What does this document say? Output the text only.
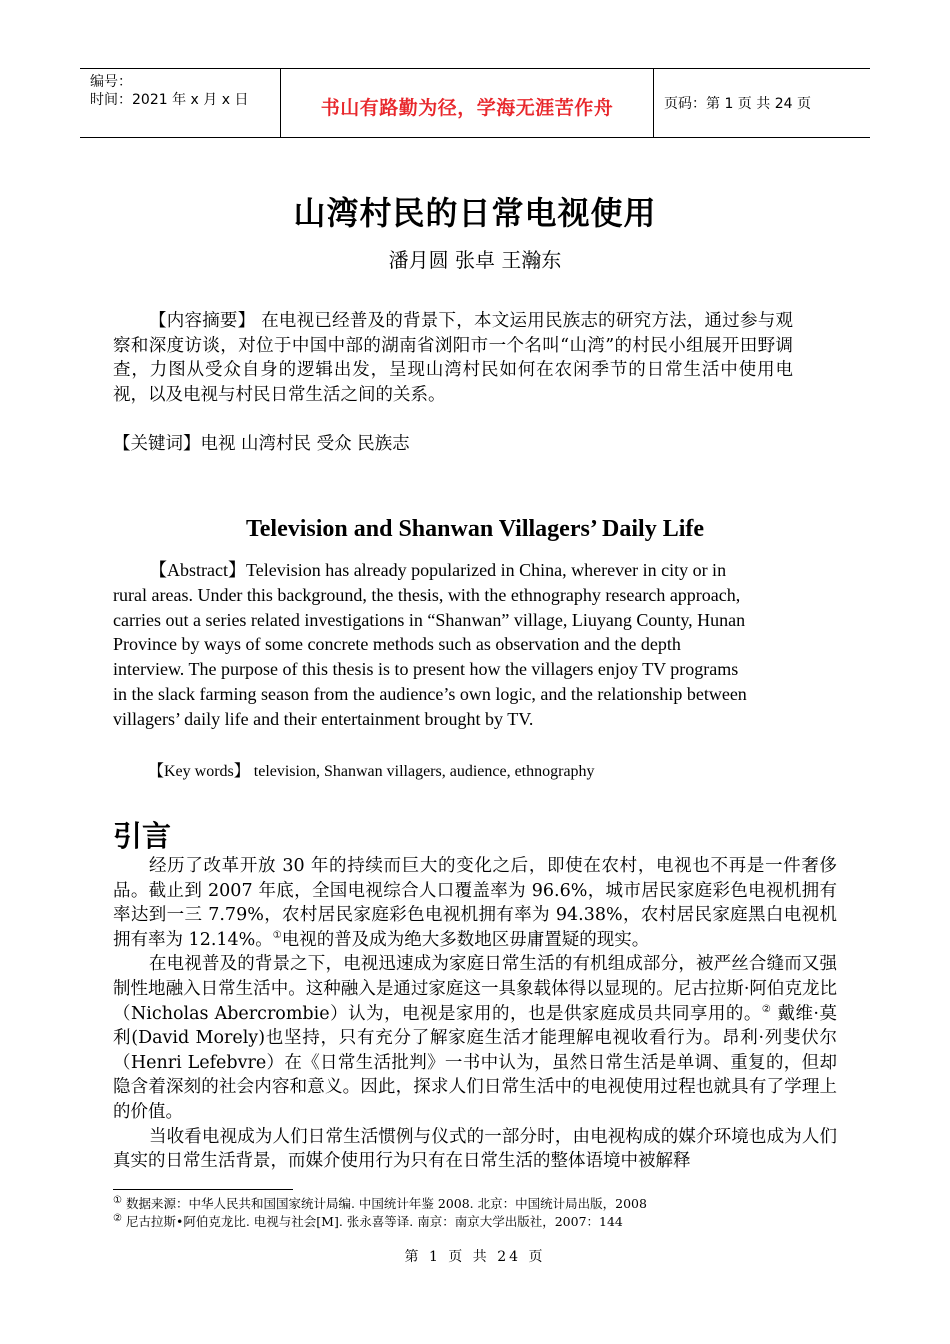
编号：
时间：2021 年 x 月 x 日	书山有路勤为径，学海无涯苦作舟	页码：第 1 页 共 24 页
山湾村民的日常电视使用
潘月圆 张卓 王瀚东
【内容摘要】 在电视已经普及的背景下，本文运用民族志的研究方法，通过参与观察和深度访谈，对位于中国中部的湖南省浏阳市一个名叫“山湾”的村民小组展开田野调查，力图从受众自身的逻辑出发，呈现山湾村民如何在农闲季节的日常生活中使用电视，以及电视与村民日常生活之间的关系。
【关键词】电视 山湾村民 受众 民族志
Television and Shanwan Villagers’ Daily Life
【Abstract】Television has already popularized in China, wherever in city or in
rural areas. Under this background, the thesis, with the ethnography research approach,
carries out a series related investigations in “Shanwan” village, Liuyang County, Hunan
Province by ways of some concrete methods such as observation and the depth
interview. The purpose of this thesis is to present how the villagers enjoy TV programs
in the slack farming season from the audience’s own logic, and the relationship between
villagers’ daily life and their entertainment brought by TV.
【Key words】 television, Shanwan villagers, audience, ethnography
引言

经历了改革开放 30 年的持续而巨大的变化之后，即使在农村，电视也不再是一件奢侈品。截止到 2007 年底，全国电视综合人口覆盖率为 96.6%，城市居民家庭彩色电视机拥有率达到一三 7.79%，农村居民家庭彩色电视机拥有率为 94.38%，农村居民家庭黑白电视机拥有率为 12.14%。①电视的普及成为绝大多数地区毋庸置疑的现实。

在电视普及的背景之下，电视迅速成为家庭日常生活的有机组成部分，被严丝合缝而又强制性地融入日常生活中。这种融入是通过家庭这一具象载体得以显现的。尼古拉斯·阿伯克龙比（Nicholas Abercrombie）认为，电视是家用的，也是供家庭成员共同享用的。② 戴维·莫利(David Morely)也坚持，只有充分了解家庭生活才能理解电视收看行为。昂利·列斐伏尔（Henri Lefebvre）在《日常生活批判》一书中认为，虽然日常生活是单调、重复的，但却隐含着深刻的社会内容和意义。因此，探求人们日常生活中的电视使用过程也就具有了学理上的价值。

当收看电视成为人们日常生活惯例与仪式的一部分时，由电视构成的媒介环境也成为人们真实的日常生活背景，而媒介使用行为只有在日常生活的整体语境中被解释

① 数据来源：中华人民共和国国家统计局编. 中国统计年鉴 2008. 北京：中国统计局出版，2008
② 尼古拉斯•阿伯克龙比. 电视与社会[M]. 张永喜等译. 南京：南京大学出版社，2007：144
第 1 页 共 24 页
